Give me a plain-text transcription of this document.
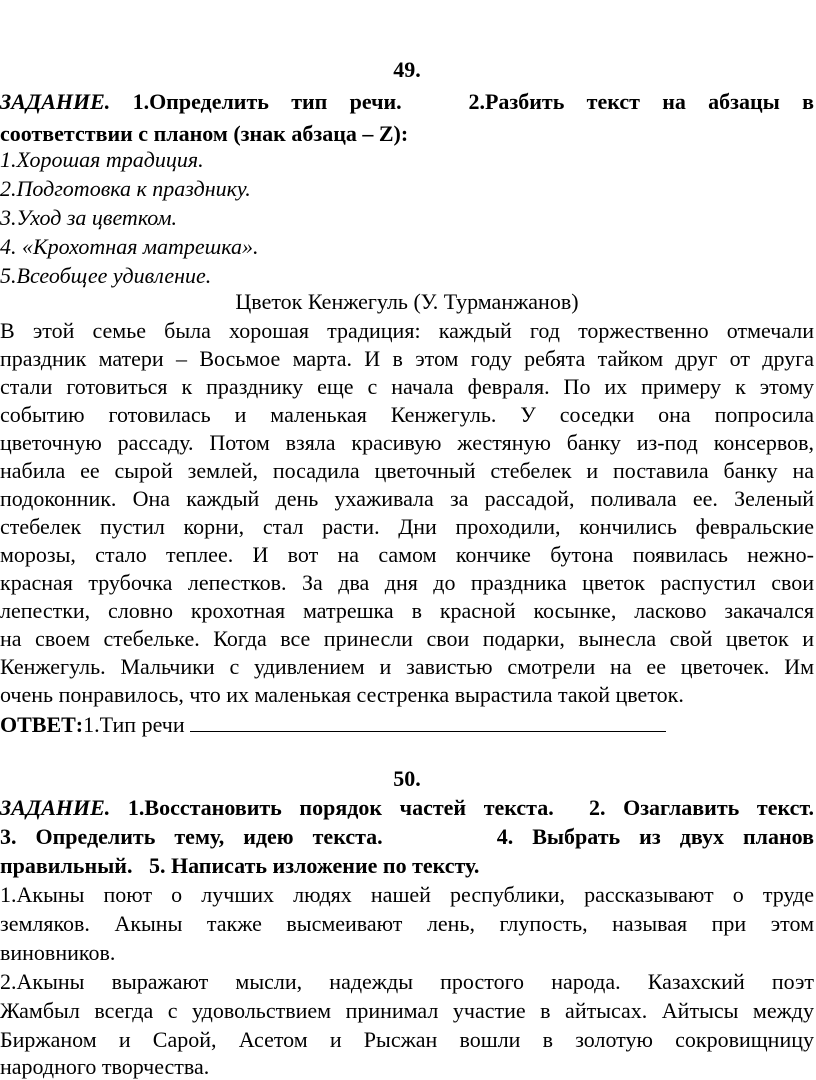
49.
ЗАДАНИЕ. 1.Определить тип речи.   2.Разбить текст на абзацы в
соответствии с планом (знак абзаца – Z):
1.Хорошая традиция.
2.Подготовка к празднику.
3.Уход за цветком.
4. «Крохотная матрешка».
5.Всеобщее удивление.
Цветок Кенжегуль (У. Турманжанов)
В этой семье была хорошая традиция: каждый год торжественно отмечали
праздник матери – Восьмое марта. И в этом году ребята тайком друг от друга
стали готовиться к празднику еще с начала февраля. По их примеру к этому
событию готовилась и маленькая Кенжегуль. У соседки она попросила
цветочную рассаду. Потом взяла красивую жестяную банку из-под консервов,
набила ее сырой землей, посадила цветочный стебелек и поставила банку на
подоконник. Она каждый день ухаживала за рассадой, поливала ее. Зеленый
стебелек пустил корни, стал расти. Дни проходили, кончились февральские
морозы, стало теплее. И вот на самом кончике бутона появилась нежно-
красная трубочка лепестков. За два дня до праздника цветок распустил свои
лепестки, словно крохотная матрешка в красной косынке, ласково закачался
на своем стебельке. Когда все принесли свои подарки, вынесла свой цветок и
Кенжегуль. Мальчики с удивлением и завистью смотрели на ее цветочек. Им
очень понравилось, что их маленькая сестренка вырастила такой цветок.
ОТВЕТ:1.Тип речи
50.
ЗАДАНИЕ. 1.Восстановить порядок частей текста.  2. Озаглавить текст.
3. Определить тему, идею текста.      4. Выбрать из двух планов
правильный.   5. Написать изложение по тексту.
1.Акыны поют о лучших людях нашей республики, рассказывают о труде
земляков. Акыны также высмеивают лень, глупость, называя при этом
виновников.
2.Акыны выражают мысли, надежды простого народа. Казахский поэт
Жамбыл всегда с удовольствием принимал участие в айтысах. Айтысы между
Биржаном и Сарой, Асетом и Рысжан вошли в золотую сокровищницу
народного творчества.
